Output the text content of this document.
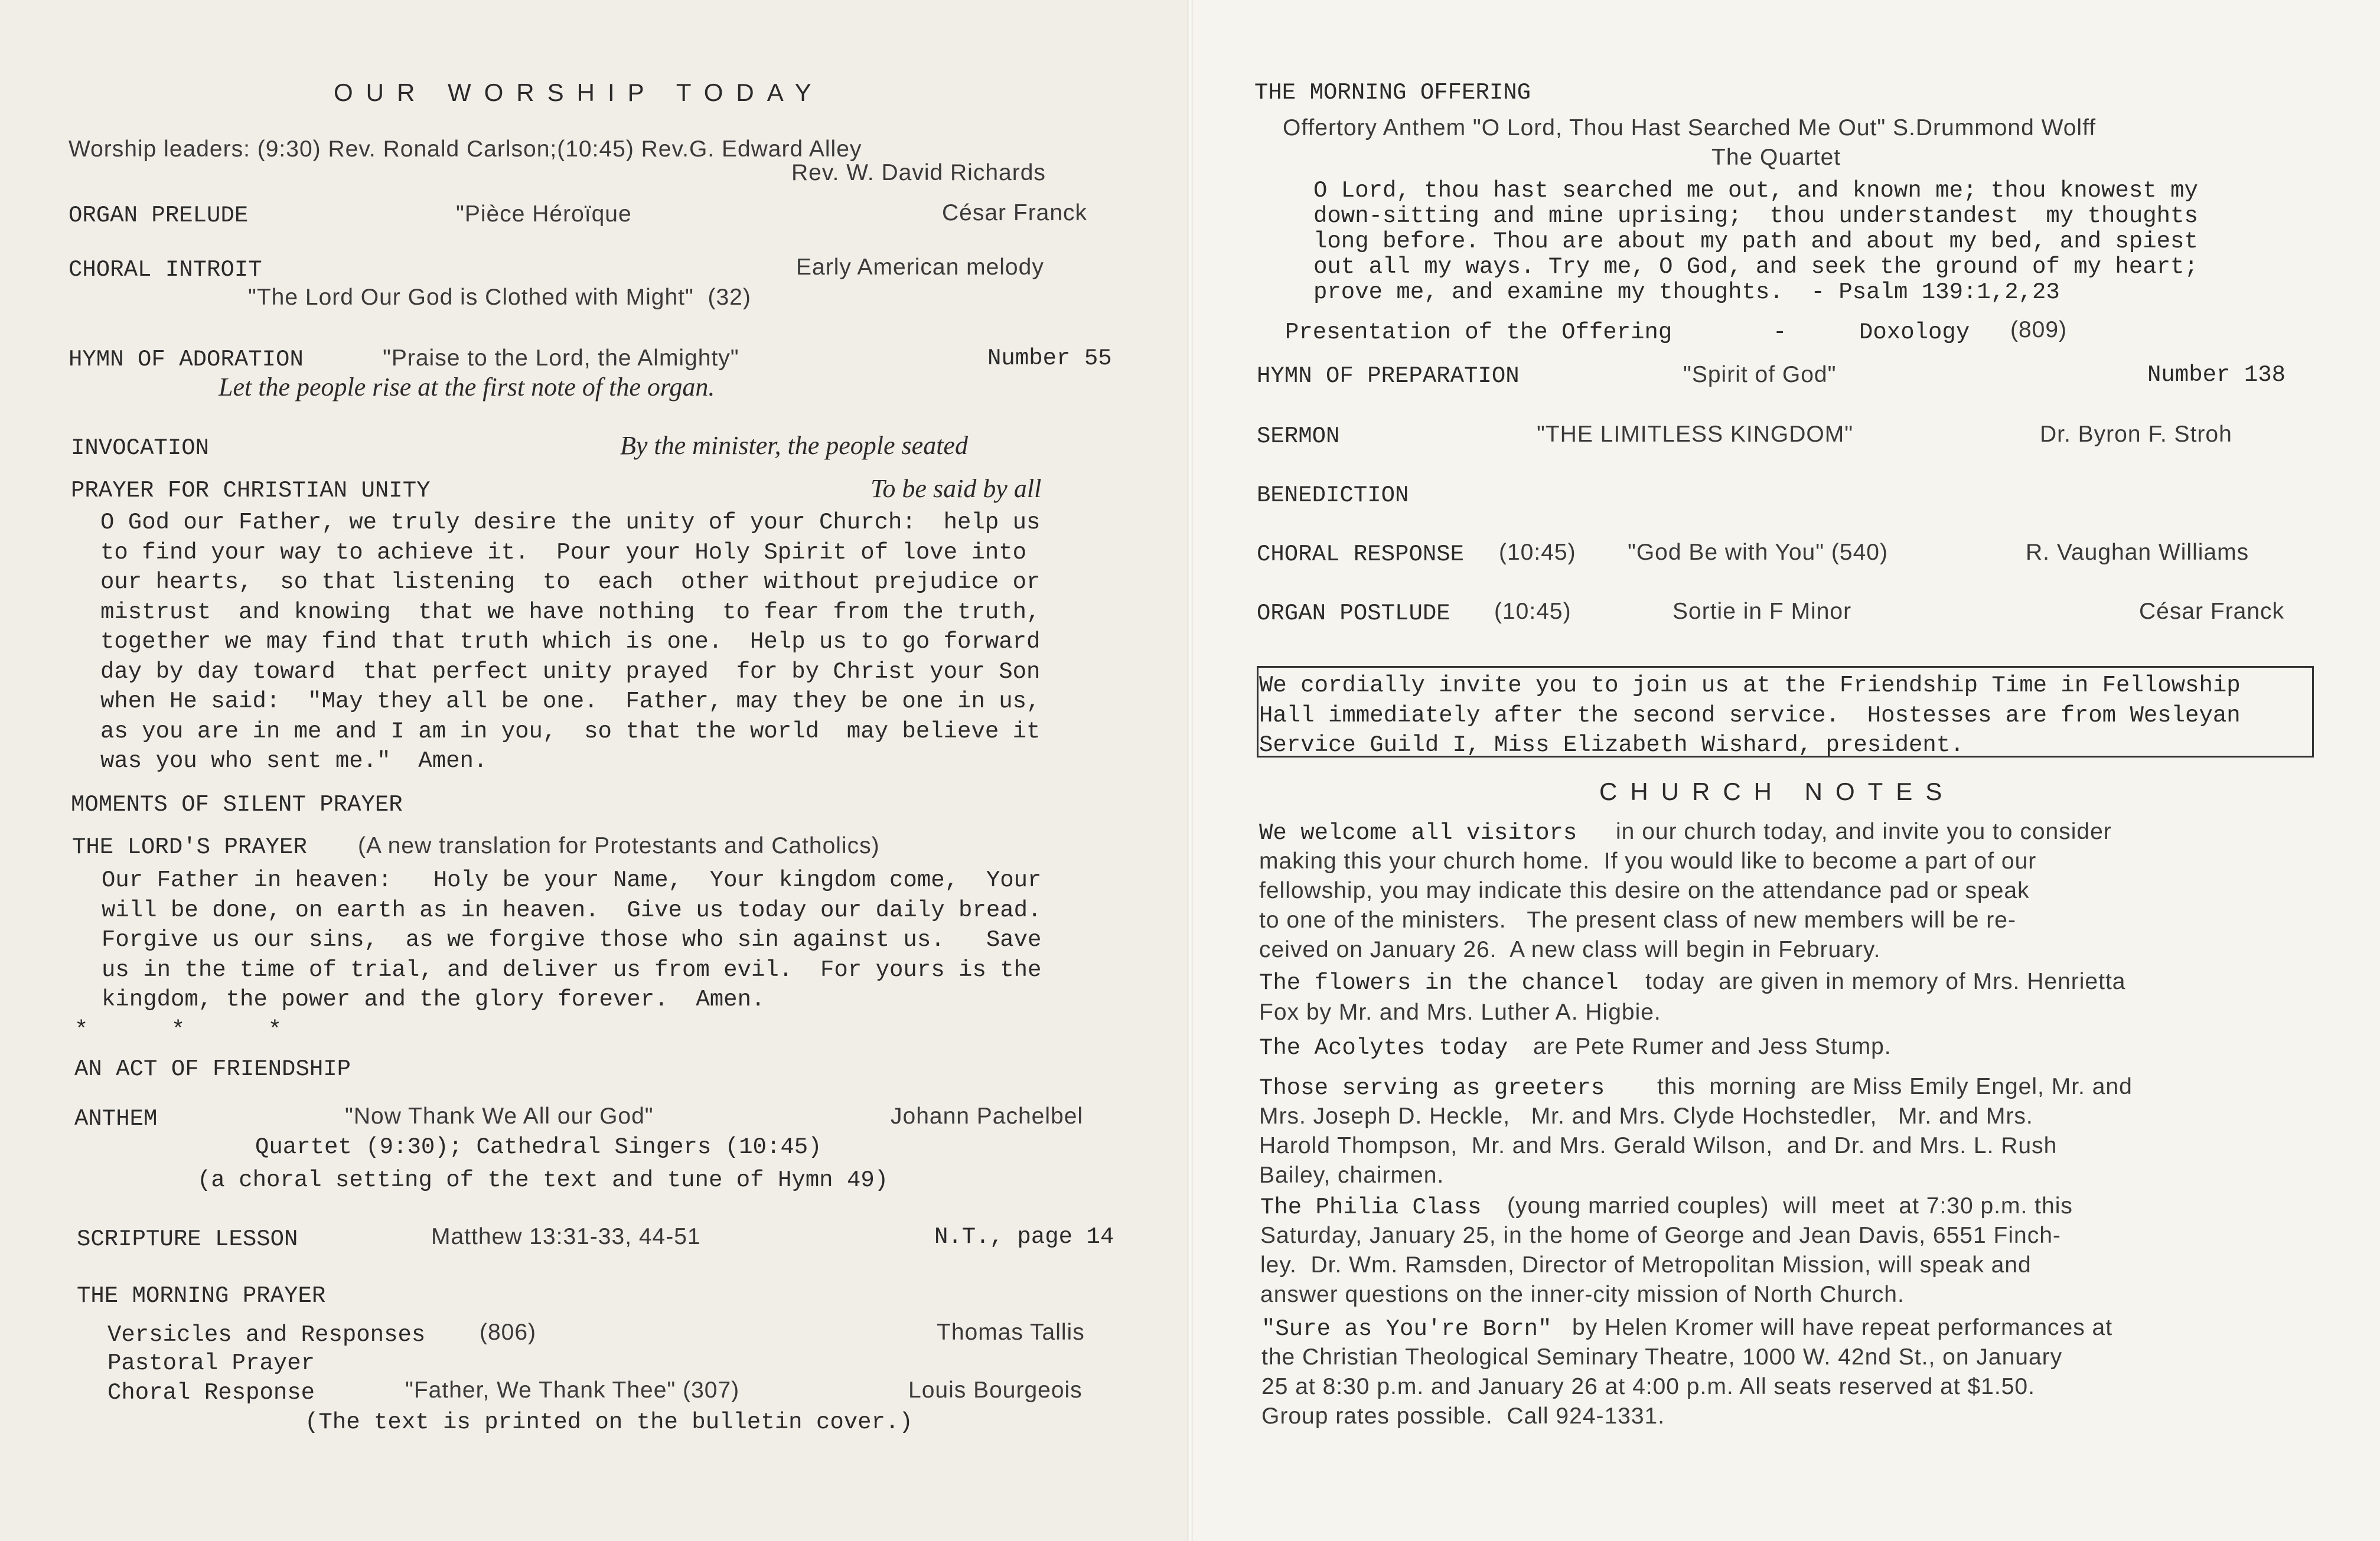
OUR WORSHIP TODAY
Worship leaders: (9:30) Rev. Ronald Carlson;(10:45) Rev.G. Edward Alley
Rev. W. David Richards
ORGAN PRELUDE	"Pièce Héroïque	César Franck
CHORAL INTROIT	Early American melody
"The Lord Our God is Clothed with Might"  (32)
HYMN OF ADORATION	"Praise to the Lord, the Almighty"	Number 55
Let the people rise at the first note of the organ.
INVOCATION	By the minister, the people seated
PRAYER FOR CHRISTIAN UNITY	To be said by all
O God our Father, we truly desire the unity of your Church:  help us
to find your way to achieve it.  Pour your Holy Spirit of love into
our hearts,  so that listening  to  each  other without prejudice or
mistrust  and knowing  that we have nothing  to fear from the truth,
together we may find that truth which is one.  Help us to go forward
day by day toward  that perfect unity prayed  for by Christ your Son
when He said:  "May they all be one.  Father, may they be one in us,
as you are in me and I am in you,  so that the world  may believe it
was you who sent me."  Amen.
MOMENTS OF SILENT PRAYER
THE LORD'S PRAYER (A new translation for Protestants and Catholics)
Our Father in heaven:   Holy be your Name,  Your kingdom come,  Your
will be done, on earth as in heaven.  Give us today our daily bread.
Forgive us our sins,  as we forgive those who sin against us.   Save
us in the time of trial, and deliver us from evil.  For yours is the
kingdom, the power and the glory forever.  Amen.
*      *      *
AN ACT OF FRIENDSHIP
ANTHEM	"Now Thank We All our God"	Johann Pachelbel
Quartet (9:30); Cathedral Singers (10:45)
(a choral setting of the text and tune of Hymn 49)
SCRIPTURE LESSON	Matthew 13:31-33, 44-51	N.T., page 14
THE MORNING PRAYER
Versicles and Responses (806)	Thomas Tallis
Pastoral Prayer
Choral Response	"Father, We Thank Thee" (307)	Louis Bourgeois
(The text is printed on the bulletin cover.)
THE MORNING OFFERING
Offertory Anthem "O Lord, Thou Hast Searched Me Out" S.Drummond Wolff
The Quartet
O Lord, thou hast searched me out, and known me; thou knowest my
down-sitting and mine uprising;  thou understandest  my thoughts
long before. Thou are about my path and about my bed, and spiest
out all my ways. Try me, O God, and seek the ground of my heart;
prove me, and examine my thoughts.  - Psalm 139:1,2,23
Presentation of the Offering	-	Doxology (809)
HYMN OF PREPARATION	"Spirit of God"	Number 138
SERMON	"THE LIMITLESS KINGDOM"	Dr. Byron F. Stroh
BENEDICTION
CHORAL RESPONSE (10:45) "God Be with You" (540)	R. Vaughan Williams
ORGAN POSTLUDE (10:45)	Sortie in F Minor	César Franck
We cordially invite you to join us at the Friendship Time in Fellowship
Hall immediately after the second service.  Hostesses are from Wesleyan
Service Guild I, Miss Elizabeth Wishard, president.
CHURCH NOTES
We welcome all visitors in our church today, and invite you to consider
making this your church home.  If you would like to become a part of our
fellowship, you may indicate this desire on the attendance pad or speak
to one of the ministers.   The present class of new members will be re-
ceived on January 26.  A new class will begin in February.
The flowers in the chancel today  are given in memory of Mrs. Henrietta
Fox by Mr. and Mrs. Luther A. Higbie.
The Acolytes today are Pete Rumer and Jess Stump.
Those serving as greeters this  morning  are Miss Emily Engel, Mr. and
Mrs. Joseph D. Heckle,   Mr. and Mrs. Clyde Hochstedler,   Mr. and Mrs.
Harold Thompson,  Mr. and Mrs. Gerald Wilson,  and Dr. and Mrs. L. Rush
Bailey, chairmen.
The Philia Class (young married couples)  will  meet  at 7:30 p.m. this
Saturday, January 25, in the home of George and Jean Davis, 6551 Finch-
ley.  Dr. Wm. Ramsden, Director of Metropolitan Mission, will speak and
answer questions on the inner-city mission of North Church.
"Sure as You're Born" by Helen Kromer will have repeat performances at
the Christian Theological Seminary Theatre, 1000 W. 42nd St., on January
25 at 8:30 p.m. and January 26 at 4:00 p.m. All seats reserved at $1.50.
Group rates possible.  Call 924-1331.
